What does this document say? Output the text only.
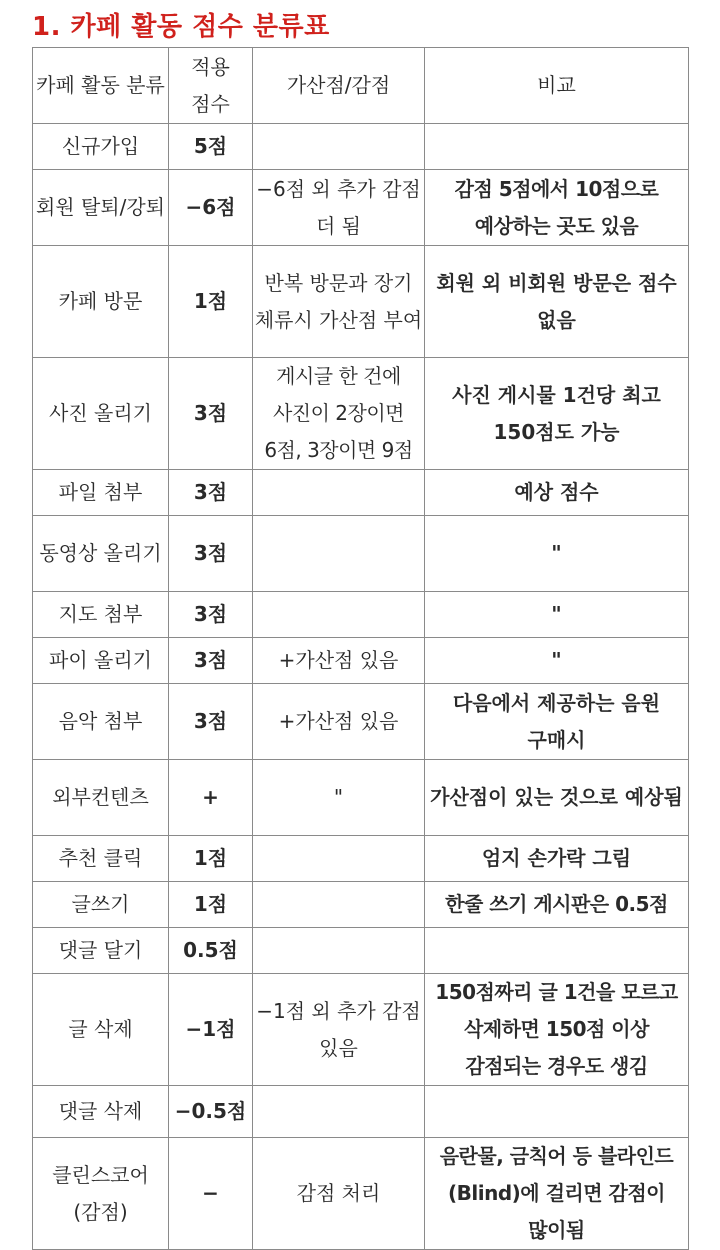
1. 카페 활동 점수 분류표
카페 활동 분류	적용 점수	가산점/감점	비교
신규가입	5점		
회원 탈퇴/강퇴	−6점	−6점 외 추가 감점 더 됨	감점 5점에서 10점으로 예상하는 곳도 있음
카페 방문	1점	반복 방문과 장기 체류시 가산점 부여	회원 외 비회원 방문은 점수 없음
사진 올리기	3점	게시글 한 건에 사진이 2장이면 6점, 3장이면 9점	사진 게시물 1건당 최고 150점도 가능
파일 첨부	3점		예상 점수
동영상 올리기	3점		"
지도 첨부	3점		"
파이 올리기	3점	+가산점 있음	"
음악 첨부	3점	+가산점 있음	다음에서 제공하는 음원 구매시
외부컨텐츠	+	"	가산점이 있는 것으로 예상됨
추천 클릭	1점		엄지 손가락 그림
글쓰기	1점		한줄 쓰기 게시판은 0.5점
댓글 달기	0.5점		
글 삭제	−1점	−1점 외 추가 감점 있음	150점짜리 글 1건을 모르고 삭제하면 150점 이상 감점되는 경우도 생김
댓글 삭제	−0.5점		
클린스코어(감점)	−	감점 처리	음란물, 금칙어 등 블라인드(Blind)에 걸리면 감점이 많이됨
